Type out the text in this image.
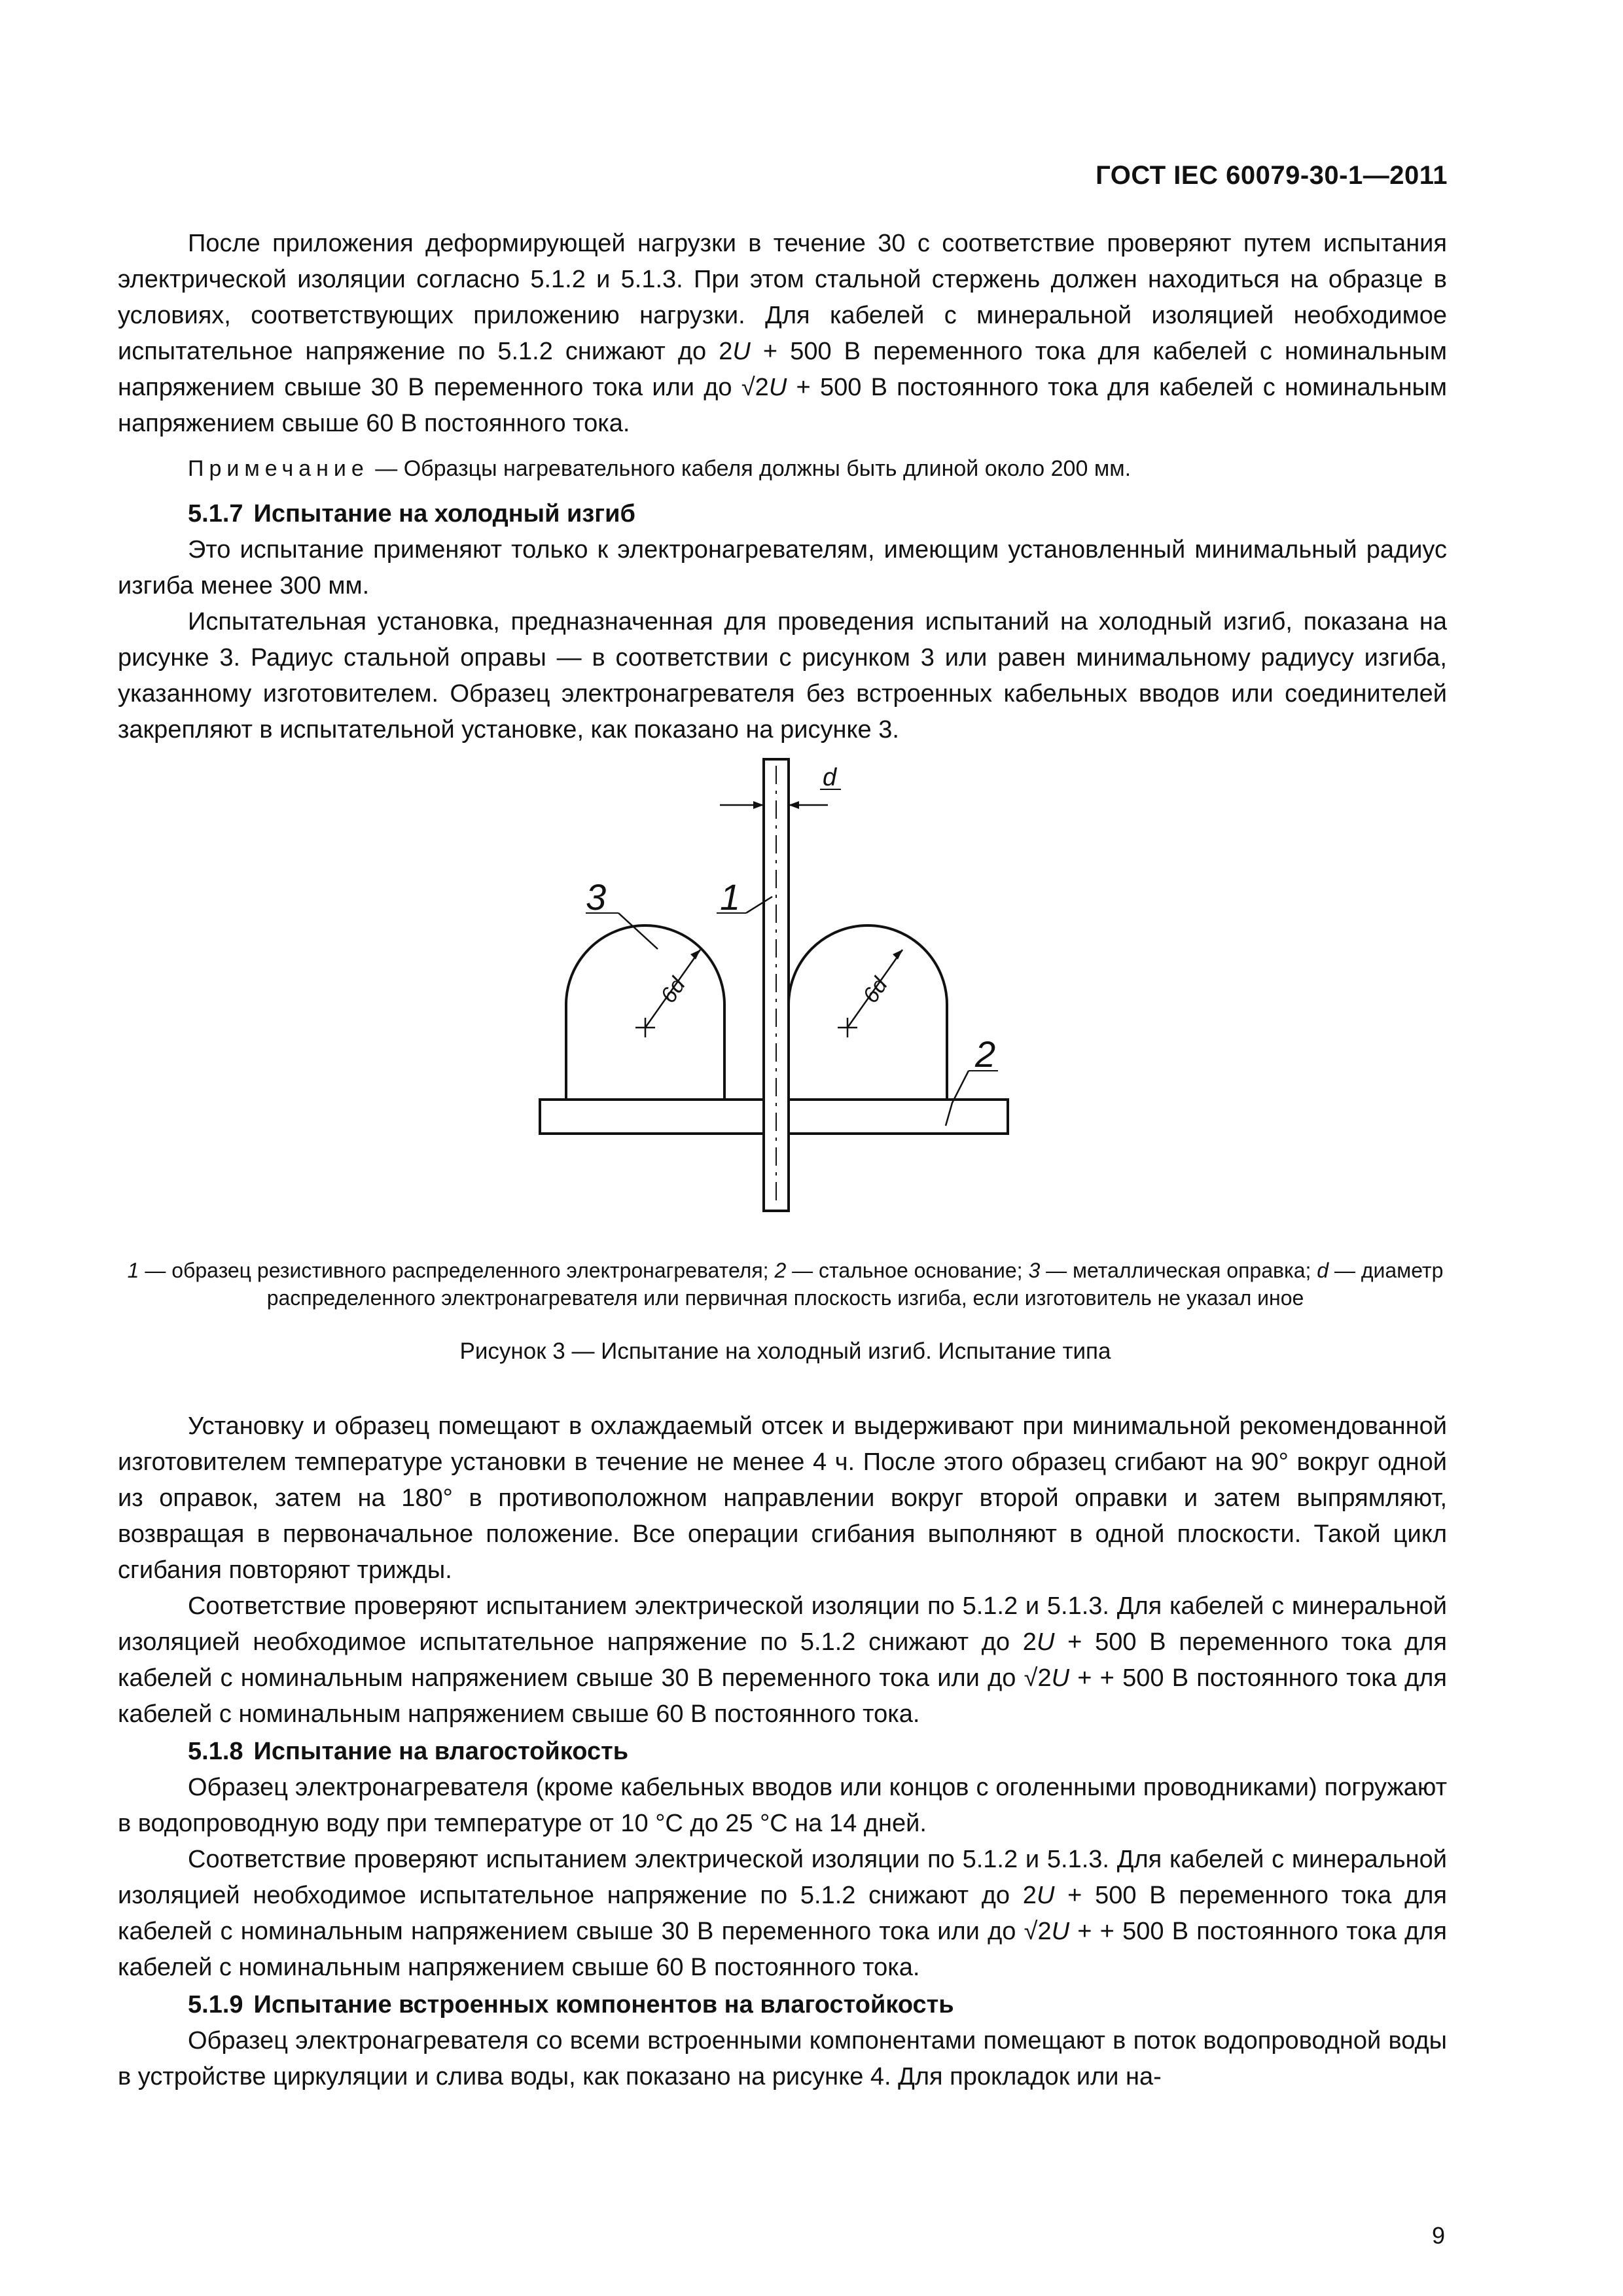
ГОСТ IEC 60079-30-1—2011

После приложения деформирующей нагрузки в течение 30 с соответствие проверяют путем испытания электрической изоляции согласно 5.1.2 и 5.1.3. При этом стальной стержень должен находиться на образце в условиях, соответствующих приложению нагрузки. Для кабелей с минеральной изоляцией необходимое испытательное напряжение по 5.1.2 снижают до 2U + 500 В переменного тока для кабелей с номинальным напряжением свыше 30 В переменного тока или до √2U + 500 В постоянного тока для кабелей с номинальным напряжением свыше 60 В постоянного тока.

Примечание — Образцы нагревательного кабеля должны быть длиной около 200 мм.

5.1.7 Испытание на холодный изгиб

Это испытание применяют только к электронагревателям, имеющим установленный минимальный радиус изгиба менее 300 мм.

Испытательная установка, предназначенная для проведения испытаний на холодный изгиб, показана на рисунке 3. Радиус стальной оправы — в соответствии с рисунком 3 или равен минимальному радиусу изгиба, указанному изготовителем. Образец электронагревателя без встроенных кабельных вводов или соединителей закрепляют в испытательной установке, как показано на рисунке 3.

d
3	1
2
6d	6d
1 — образец резистивного распределенного электронагревателя; 2 — стальное основание; 3 — металлическая оправка; d — диаметр распределенного электронагревателя или первичная плоскость изгиба, если изготовитель не указал иное
Рисунок 3 — Испытание на холодный изгиб. Испытание типа

Установку и образец помещают в охлаждаемый отсек и выдерживают при минимальной рекомендованной изготовителем температуре установки в течение не менее 4 ч. После этого образец сгибают на 90° вокруг одной из оправок, затем на 180° в противоположном направлении вокруг второй оправки и затем выпрямляют, возвращая в первоначальное положение. Все операции сгибания выполняют в одной плоскости. Такой цикл сгибания повторяют трижды.

Соответствие проверяют испытанием электрической изоляции по 5.1.2 и 5.1.3. Для кабелей с минеральной изоляцией необходимое испытательное напряжение по 5.1.2 снижают до 2U + 500 В переменного тока для кабелей с номинальным напряжением свыше 30 В переменного тока или до √2U + + 500 В постоянного тока для кабелей с номинальным напряжением свыше 60 В постоянного тока.

5.1.8 Испытание на влагостойкость

Образец электронагревателя (кроме кабельных вводов или концов с оголенными проводниками) погружают в водопроводную воду при температуре от 10 °C до 25 °C на 14 дней.

Соответствие проверяют испытанием электрической изоляции по 5.1.2 и 5.1.3. Для кабелей с минеральной изоляцией необходимое испытательное напряжение по 5.1.2 снижают до 2U + 500 В переменного тока для кабелей с номинальным напряжением свыше 30 В переменного тока или до √2U + + 500 В постоянного тока для кабелей с номинальным напряжением свыше 60 В постоянного тока.

5.1.9 Испытание встроенных компонентов на влагостойкость

Образец электронагревателя со всеми встроенными компонентами помещают в поток водопроводной воды в устройстве циркуляции и слива воды, как показано на рисунке 4. Для прокладок или на-

9
